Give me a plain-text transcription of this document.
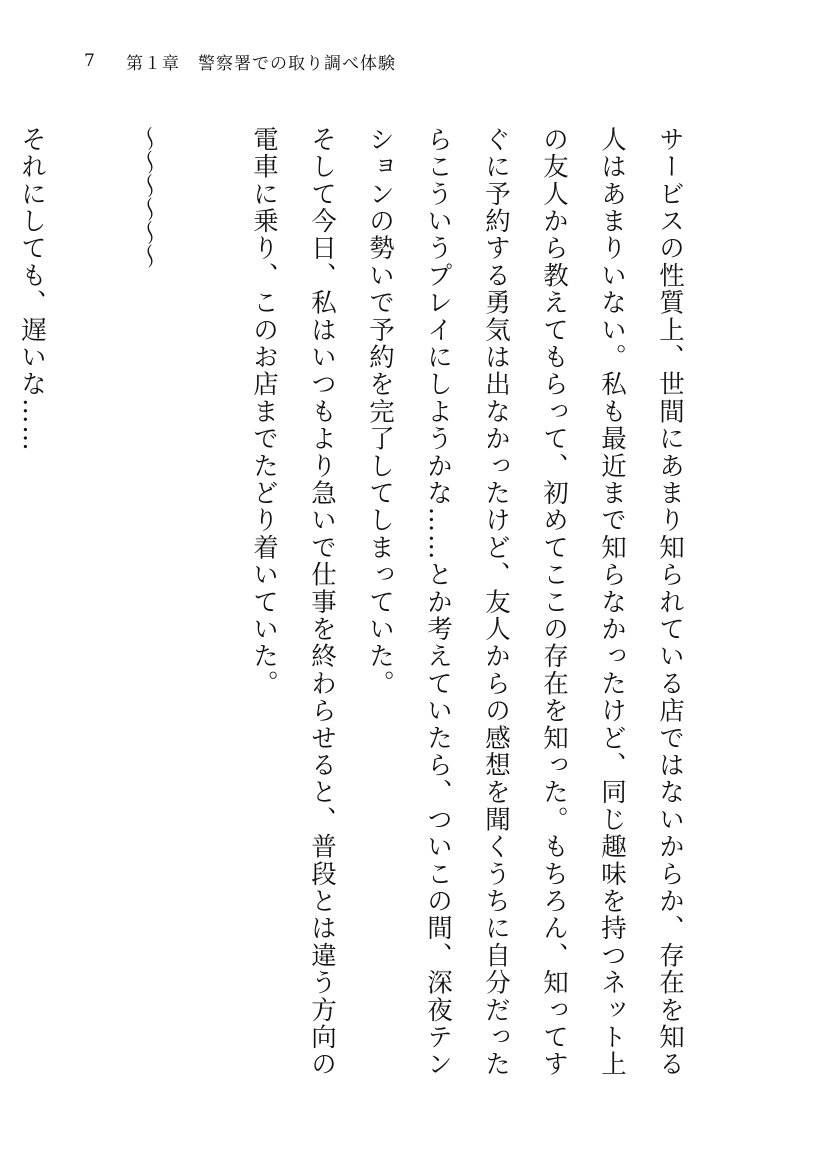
7	第１章　警察署での取り調べ体験

サービスの性質上、世間にあまり知られている店ではないからか、存在を知る人はあまりいない。私も最近まで知らなかったけど、同じ趣味を持つネット上の友人から教えてもらって、初めてここの存在を知った。もちろん、知ってすぐに予約する勇気は出なかったけど、友人からの感想を聞くうちに自分だったらこういうプレイにしようかな……とか考えていたら、ついこの間、深夜テンションの勢いで予約を完了してしまっていた。

そして今日、私はいつもより急いで仕事を終わらせると、普段とは違う方向の電車に乗り、このお店までたどり着いていた。

〜〜〜〜〜〜

それにしても、遅いな……
